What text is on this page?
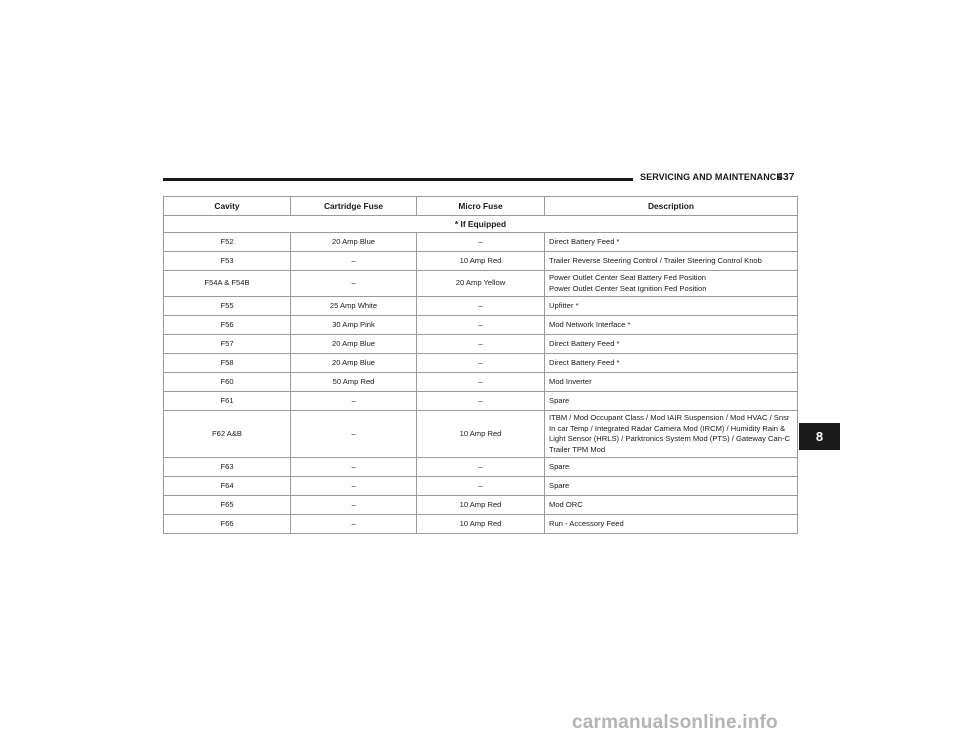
SERVICING AND MAINTENANCE
437
Cavity	Cartridge Fuse	Micro Fuse	Description
* If Equipped			
F52	20 Amp Blue	–	Direct Battery Feed *

F53	–	10 Amp Red	Trailer Reverse Steering Control / Trailer Steering Control Knob

F54A & F54B	–	20 Amp Yellow	Power Outlet Center Seat Battery Fed Position
Power Outlet Center Seat Ignition Fed Position

F55	25 Amp White	–	Upfitter *

F56	30 Amp Pink	–	Mod Network Interface *

F57	20 Amp Blue	–	Direct Battery Feed *

F58	20 Amp Blue	–	Direct Battery Feed *

F60	50 Amp Red	–	Mod Inverter

F61	–	–	Spare

F62 A&B	–	10 Amp Red	ITBM / Mod Occupant Class / Mod IAIR Suspension / Mod HVAC / Snsr In car Temp / Integrated Radar Camera Mod (IRCM) / Humidity Rain & Light Sensor (HRLS) / Parktronics System Mod (PTS) / Gateway Can-C Trailer TPM Mod

F63	–	–	Spare

F64	–	–	Spare

F65	–	10 Amp Red	Mod ORC

F66	–	10 Amp Red	Run - Accessory Feed
8
carmanualsonline.info
